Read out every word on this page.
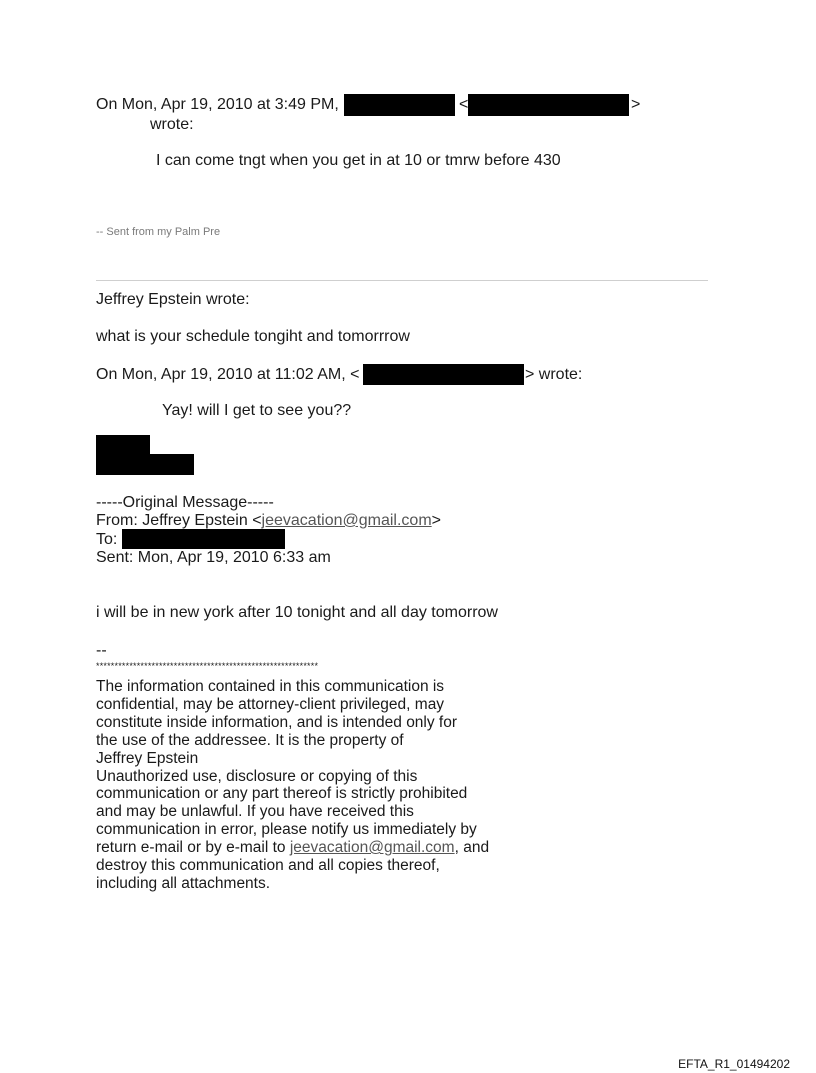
On Mon, Apr 19, 2010 at 3:49 PM,	<	>
wrote:
I can come tngt when you get in at 10 or tmrw before 430
-- Sent from my Palm Pre
Jeffrey Epstein wrote:
what is your schedule tongiht and tomorrrow
On Mon, Apr 19, 2010 at 11:02 AM, <	> wrote:
Yay! will I get to see you??
-----Original Message-----
From: Jeffrey Epstein <jeevacation@gmail.com>
To:
Sent: Mon, Apr 19, 2010 6:33 am
i will be in new york after 10 tonight and all day tomorrow
--
************************************************************
The information contained in this communication is
confidential, may be attorney-client privileged, may
constitute inside information, and is intended only for
the use of the addressee. It is the property of
Jeffrey Epstein
Unauthorized use, disclosure or copying of this
communication or any part thereof is strictly prohibited
and may be unlawful. If you have received this
communication in error, please notify us immediately by
return e-mail or by e-mail to jeevacation@gmail.com, and
destroy this communication and all copies thereof,
including all attachments.
EFTA_R1_01494202
